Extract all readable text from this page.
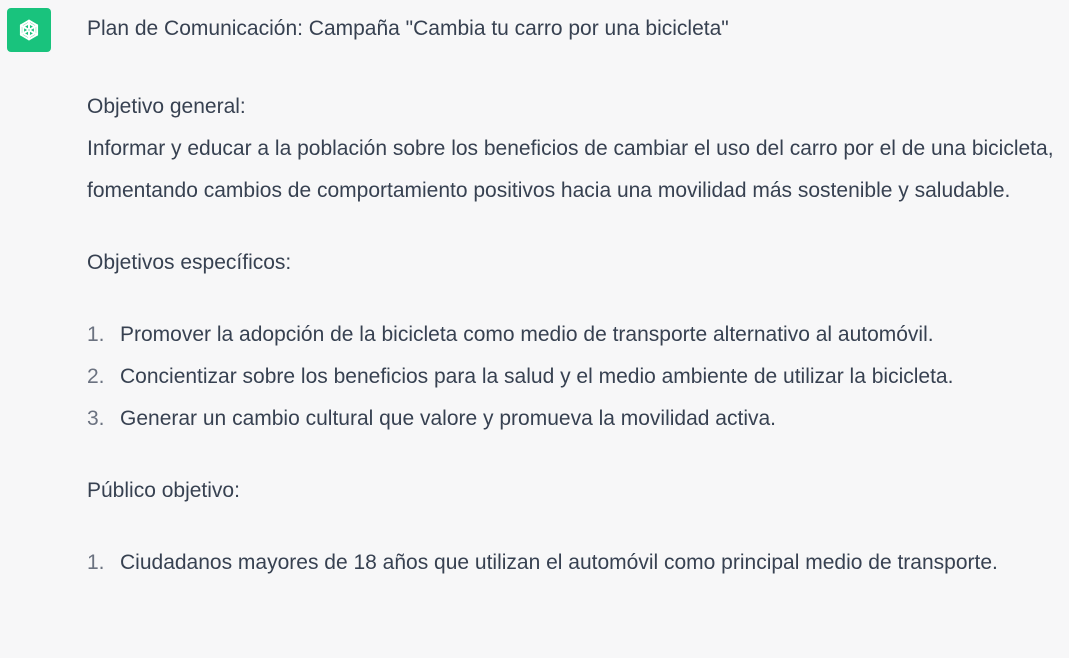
Plan de Comunicación: Campaña "Cambia tu carro por una bicicleta"

Objetivo general:

Informar y educar a la población sobre los beneficios de cambiar el uso del carro por el de una bicicleta, fomentando cambios de comportamiento positivos hacia una movilidad más sostenible y saludable.

Objetivos específicos:

1. Promover la adopción de la bicicleta como medio de transporte alternativo al automóvil.
2. Concientizar sobre los beneficios para la salud y el medio ambiente de utilizar la bicicleta.
3. Generar un cambio cultural que valore y promueva la movilidad activa.

Público objetivo:

1. Ciudadanos mayores de 18 años que utilizan el automóvil como principal medio de transporte.
